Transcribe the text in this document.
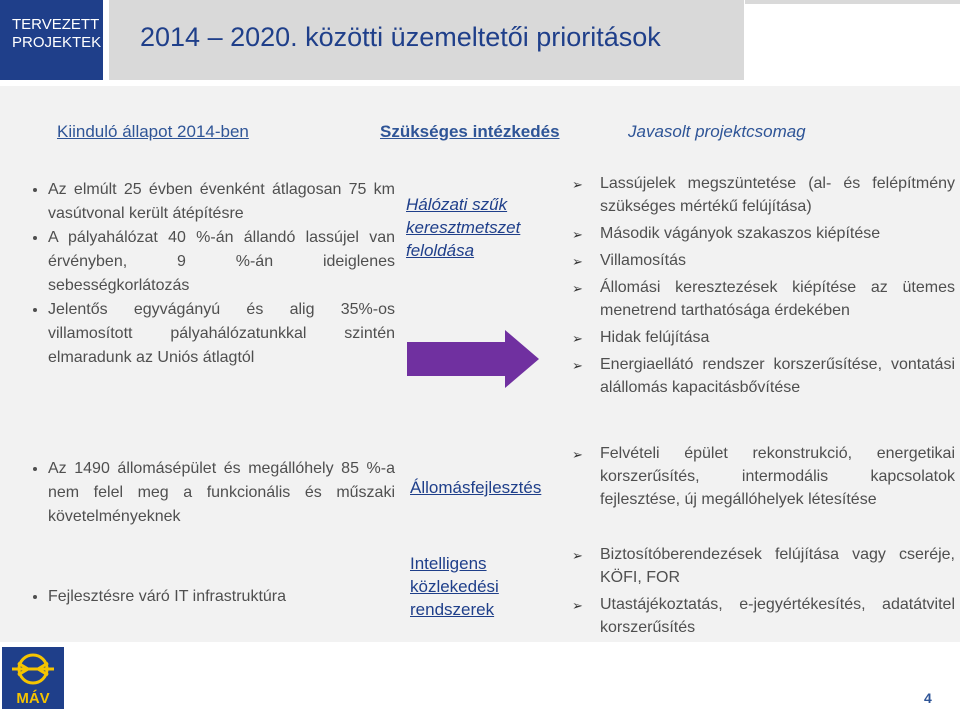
TERVEZETT
PROJEKTEK 2014 – 2020. közötti üzemeltetői prioritások
Kiinduló állapot 2014-ben	Szükséges intézkedés	Javasolt projektcsomag
• Az elmúlt 25 évben évenként átlagosan 75 km vasútvonal került átépítésre
• A pályahálózat 40 %-án állandó lassújel van érvényben, 9 %-án ideiglenes sebességkorlátozás
• Jelentős egyvágányú és alig 35%-os villamosított pályahálózatunkkal szintén elmaradunk az Uniós átlagtól
Hálózati szűk keresztmetszet feloldása
➢ Lassújelek megszüntetése (al- és felépítmény szükséges mértékű felújítása)
➢ Második vágányok szakaszos kiépítése
➢ Villamosítás
➢ Állomási keresztezések kiépítése az ütemes menetrend tarthatósága érdekében
➢ Hidak felújítása
➢ Energiaellátó rendszer korszerűsítése, vontatási alállomás kapacitásbővítése
• Az 1490 állomásépület és megállóhely 85 %-a nem felel meg a funkcionális és műszaki követelményeknek
Állomásfejlesztés
➢ Felvételi épület rekonstrukció, energetikai korszerűsítés, intermodális kapcsolatok fejlesztése, új megállóhelyek létesítése
• Fejlesztésre váró IT infrastruktúra
Intelligens közlekedési rendszerek
➢ Biztosítóberendezések felújítása vagy cseréje, KÖFI, FOR
➢ Utastájékoztatás, e-jegyértékesítés, adatátvitel korszerűsítés
MÁV	4
